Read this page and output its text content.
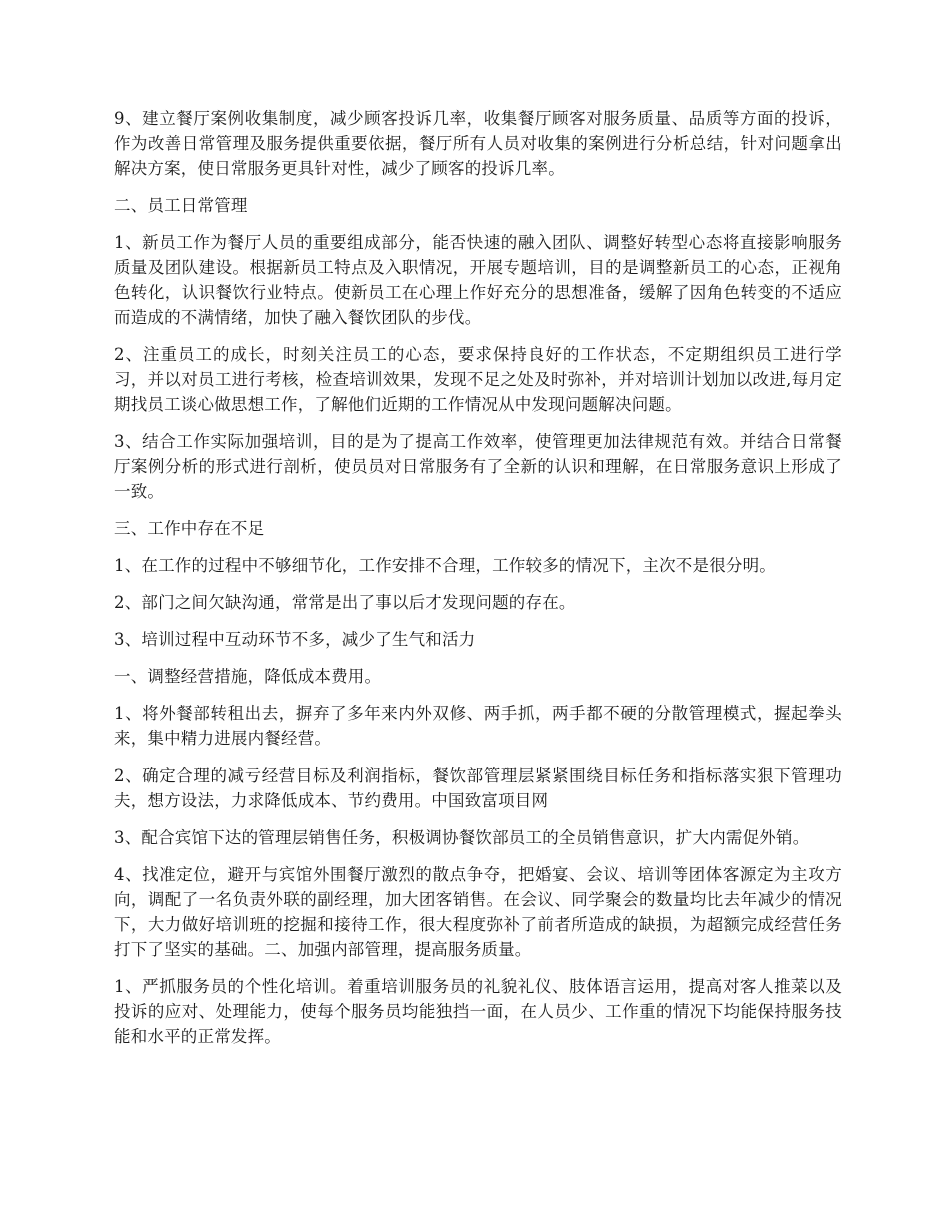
9、建立餐厅案例收集制度，减少顾客投诉几率，收集餐厅顾客对服务质量、品质等方面的投诉，作为改善日常管理及服务提供重要依据，餐厅所有人员对收集的案例进行分析总结，针对问题拿出解决方案，使日常服务更具针对性，减少了顾客的投诉几率。

二、员工日常管理

1、新员工作为餐厅人员的重要组成部分，能否快速的融入团队、调整好转型心态将直接影响服务质量及团队建设。根据新员工特点及入职情况，开展专题培训，目的是调整新员工的心态，正视角色转化，认识餐饮行业特点。使新员工在心理上作好充分的思想准备，缓解了因角色转变的不适应而造成的不满情绪，加快了融入餐饮团队的步伐。

2、注重员工的成长，时刻关注员工的心态，要求保持良好的工作状态，不定期组织员工进行学习，并以对员工进行考核，检查培训效果，发现不足之处及时弥补，并对培训计划加以改进,每月定期找员工谈心做思想工作，了解他们近期的工作情况从中发现问题解决问题。

3、结合工作实际加强培训，目的是为了提高工作效率，使管理更加法律规范有效。并结合日常餐厅案例分析的形式进行剖析，使员员对日常服务有了全新的认识和理解，在日常服务意识上形成了一致。

三、工作中存在不足

1、在工作的过程中不够细节化，工作安排不合理，工作较多的情况下，主次不是很分明。

2、部门之间欠缺沟通，常常是出了事以后才发现问题的存在。

3、培训过程中互动环节不多，减少了生气和活力

一、调整经营措施，降低成本费用。

1、将外餐部转租出去，摒弃了多年来内外双修、两手抓，两手都不硬的分散管理模式，握起拳头来，集中精力进展内餐经营。

2、确定合理的减亏经营目标及利润指标，餐饮部管理层紧紧围绕目标任务和指标落实狠下管理功夫，想方设法，力求降低成本、节约费用。中国致富项目网

3、配合宾馆下达的管理层销售任务，积极调协餐饮部员工的全员销售意识，扩大内需促外销。

4、找准定位，避开与宾馆外围餐厅激烈的散点争夺，把婚宴、会议、培训等团体客源定为主攻方向，调配了一名负责外联的副经理，加大团客销售。在会议、同学聚会的数量均比去年减少的情况下，大力做好培训班的挖掘和接待工作，很大程度弥补了前者所造成的缺损，为超额完成经营任务打下了坚实的基础。二、加强内部管理，提高服务质量。

1、严抓服务员的个性化培训。着重培训服务员的礼貌礼仪、肢体语言运用，提高对客人推菜以及投诉的应对、处理能力，使每个服务员均能独挡一面，在人员少、工作重的情况下均能保持服务技能和水平的正常发挥。
